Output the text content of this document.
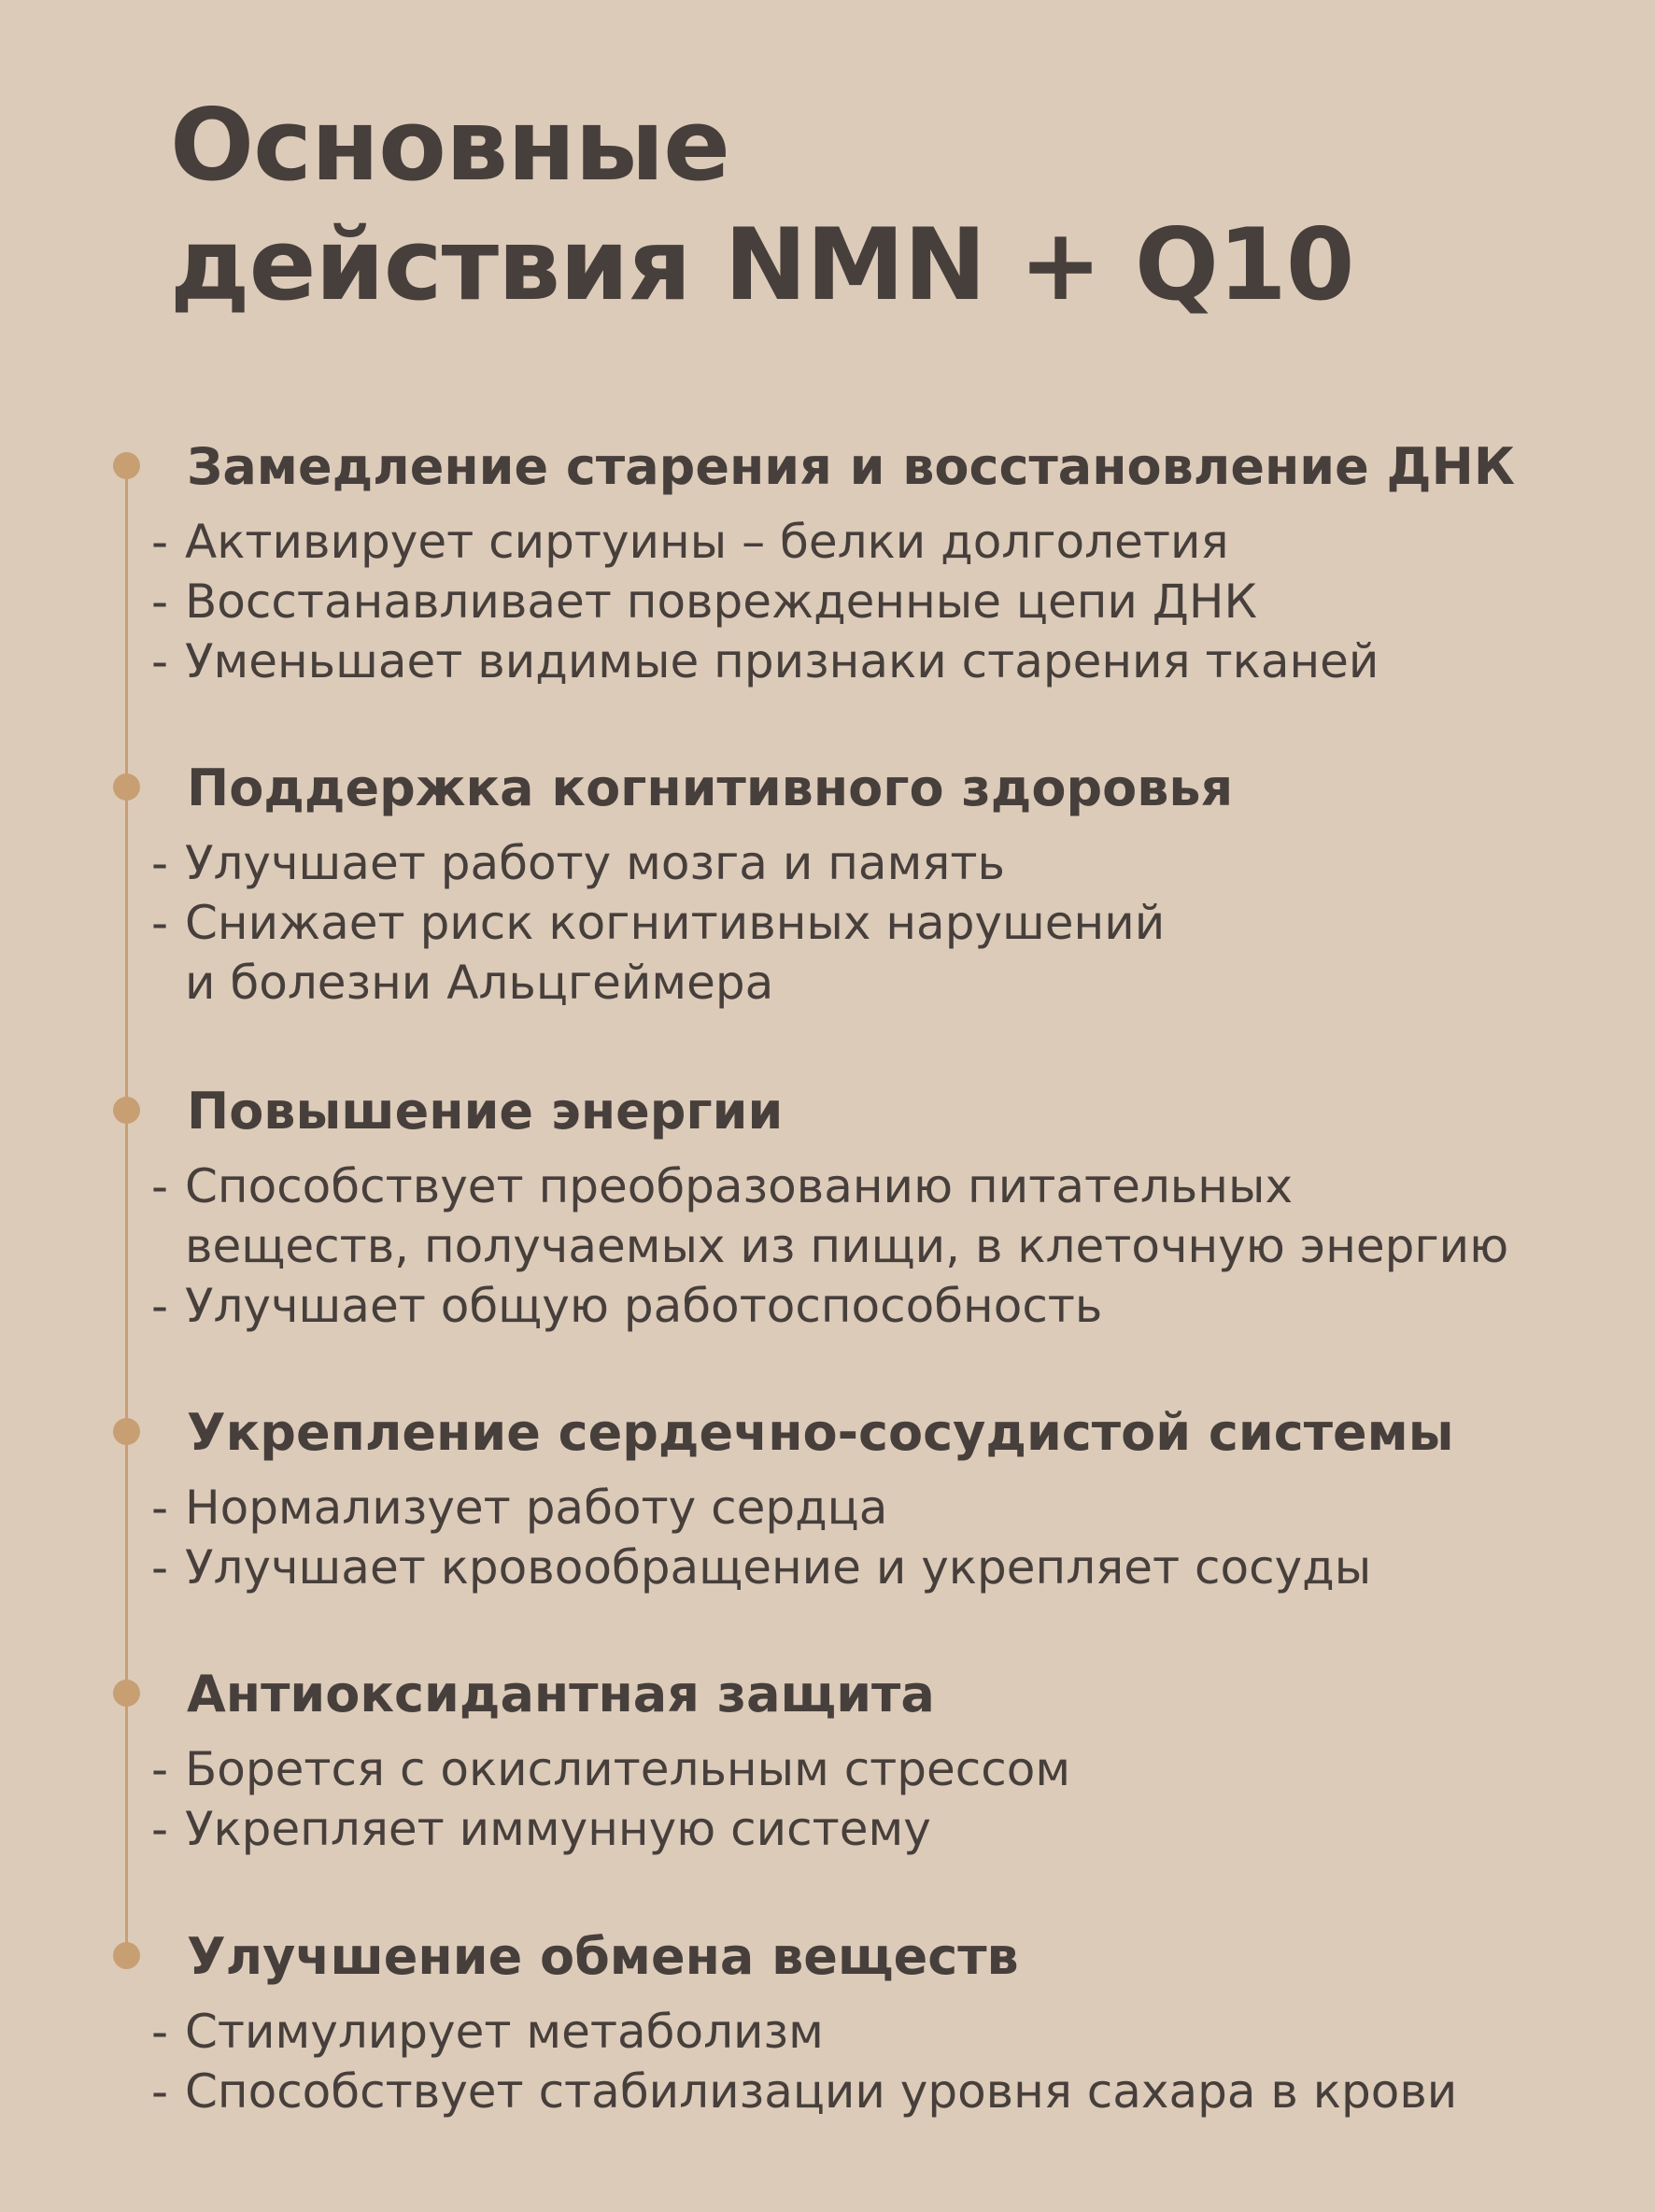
Основные
действия NMN + Q10
Замедление старения и восстановление ДНК
- Активирует сиртуины – белки долголетия
- Восстанавливает поврежденные цепи ДНК
- Уменьшает видимые признаки старения тканей
Поддержка когнитивного здоровья
- Улучшает работу мозга и память
- Снижает риск когнитивных нарушений
и болезни Альцгеймера
Повышение энергии
- Способствует преобразованию питательных
веществ, получаемых из пищи, в клеточную энергию
- Улучшает общую работоспособность
Укрепление сердечно-сосудистой системы
- Нормализует работу сердца
- Улучшает кровообращение и укрепляет сосуды
Антиоксидантная защита
- Борется с окислительным стрессом
- Укрепляет иммунную систему
Улучшение обмена веществ
- Стимулирует метаболизм
- Способствует стабилизации уровня сахара в крови
